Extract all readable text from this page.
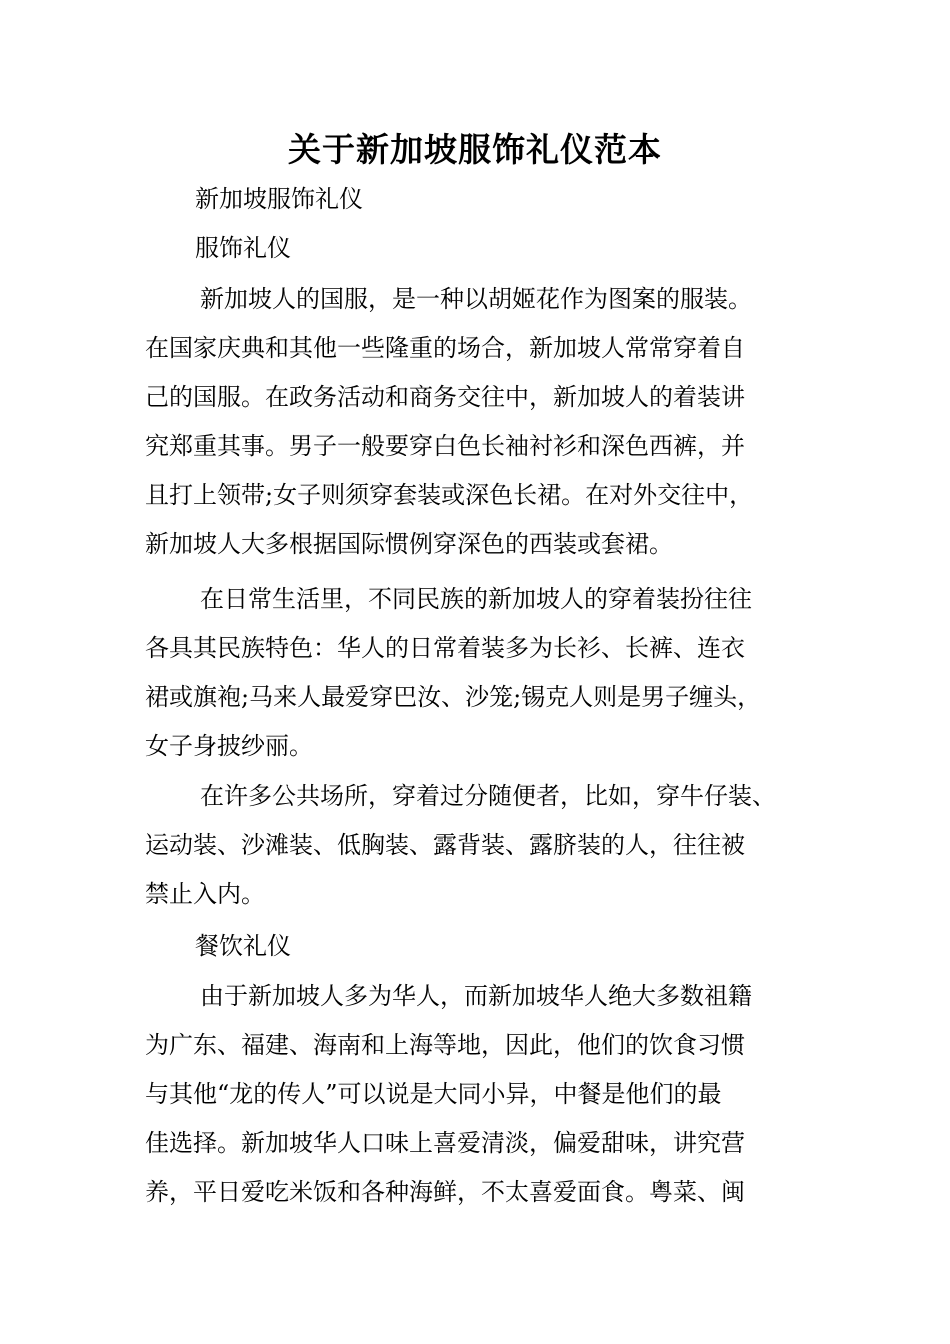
关于新加坡服饰礼仪范本

新加坡服饰礼仪

服饰礼仪

新加坡人的国服，是一种以胡姬花作为图案的服装。
在国家庆典和其他一些隆重的场合，新加坡人常常穿着自
己的国服。在政务活动和商务交往中，新加坡人的着装讲
究郑重其事。男子一般要穿白色长袖衬衫和深色西裤，并
且打上领带;女子则须穿套装或深色长裙。在对外交往中，
新加坡人大多根据国际惯例穿深色的西装或套裙。
在日常生活里，不同民族的新加坡人的穿着装扮往往
各具其民族特色：华人的日常着装多为长衫、长裤、连衣
裙或旗袍;马来人最爱穿巴汝、沙笼;锡克人则是男子缠头，
女子身披纱丽。
在许多公共场所，穿着过分随便者，比如，穿牛仔装、
运动装、沙滩装、低胸装、露背装、露脐装的人，往往被
禁止入内。

餐饮礼仪

由于新加坡人多为华人，而新加坡华人绝大多数祖籍
为广东、福建、海南和上海等地，因此，他们的饮食习惯
与其他“龙的传人”可以说是大同小异，中餐是他们的最
佳选择。新加坡华人口味上喜爱清淡，偏爱甜味，讲究营
养，平日爱吃米饭和各种海鲜，不太喜爱面食。粤菜、闽
